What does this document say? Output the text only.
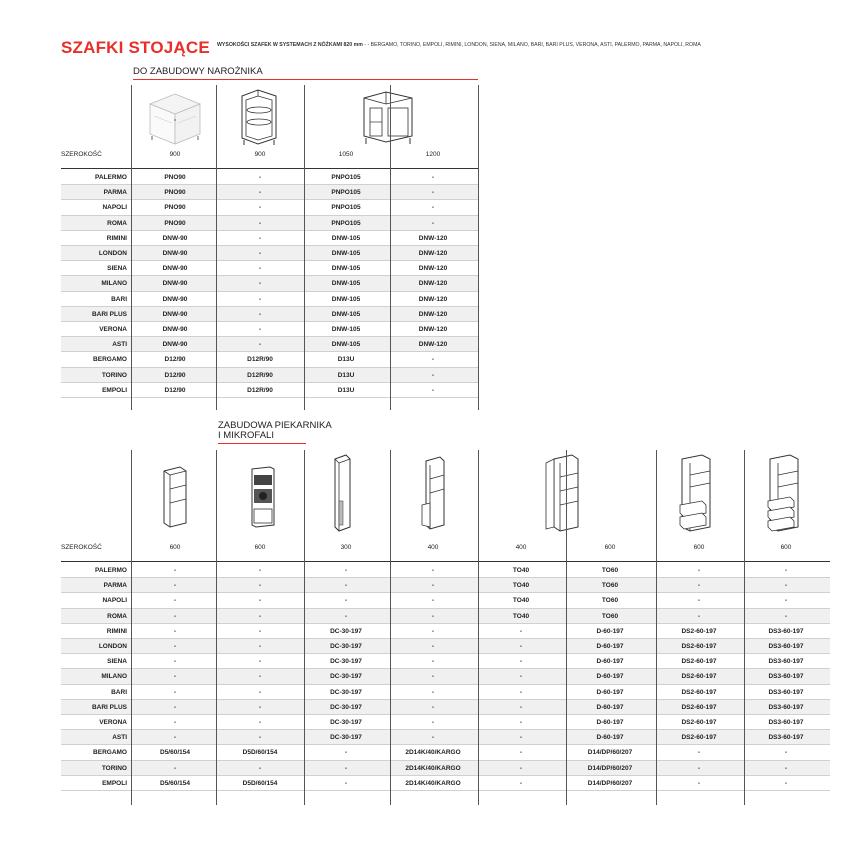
SZAFKI STOJĄCE WYSOKOŚCI SZAFEK W SYSTEMACH Z NÓŻKAMI 820 mm - - BERGAMO, TORINO, EMPOLI, RIMINI, LONDON, SIENA, MILANO, BARI, BARI PLUS, VERONA, ASTI, PALERMO, PARMA, NAPOLI, ROMA
DO ZABUDOWY NAROŻNIKA
SZEROKOŚĆ	900	900	1050	1200
PALERMO	PNO90	-	PNPO105	-
PARMA	PNO90	-	PNPO105	-
NAPOLI	PNO90	-	PNPO105	-
ROMA	PNO90	-	PNPO105	-
RIMINI	DNW-90	-	DNW-105	DNW-120
LONDON	DNW-90	-	DNW-105	DNW-120
SIENA	DNW-90	-	DNW-105	DNW-120
MILANO	DNW-90	-	DNW-105	DNW-120
BARI	DNW-90	-	DNW-105	DNW-120
BARI PLUS	DNW-90	-	DNW-105	DNW-120
VERONA	DNW-90	-	DNW-105	DNW-120
ASTI	DNW-90	-	DNW-105	DNW-120
BERGAMO	D12/90	D12R/90	D13U	-
TORINO	D12/90	D12R/90	D13U	-
EMPOLI	D12/90	D12R/90	D13U	-
ZABUDOWA PIEKARNIKA
I MIKROFALI
SZEROKOŚĆ	600	600	300	400	400	600	600	600
PALERMO	-	-	-	-	TO40	TO60	-	-
PARMA	-	-	-	-	TO40	TO60	-	-
NAPOLI	-	-	-	-	TO40	TO60	-	-
ROMA	-	-	-	-	TO40	TO60	-	-
RIMINI	-	-	DC-30-197	-	-	D-60-197	DS2-60-197	DS3-60-197
LONDON	-	-	DC-30-197	-	-	D-60-197	DS2-60-197	DS3-60-197
SIENA	-	-	DC-30-197	-	-	D-60-197	DS2-60-197	DS3-60-197
MILANO	-	-	DC-30-197	-	-	D-60-197	DS2-60-197	DS3-60-197
BARI	-	-	DC-30-197	-	-	D-60-197	DS2-60-197	DS3-60-197
BARI PLUS	-	-	DC-30-197	-	-	D-60-197	DS2-60-197	DS3-60-197
VERONA	-	-	DC-30-197	-	-	D-60-197	DS2-60-197	DS3-60-197
ASTI	-	-	DC-30-197	-	-	D-60-197	DS2-60-197	DS3-60-197
BERGAMO	D5/60/154	D5D/60/154	-	2D14K/40/KARGO	-	D14/DP/60/207	-	-
TORINO	-	-	-	2D14K/40/KARGO	-	D14/DP/60/207	-	-
EMPOLI	D5/60/154	D5D/60/154	-	2D14K/40/KARGO	-	D14/DP/60/207	-	-
